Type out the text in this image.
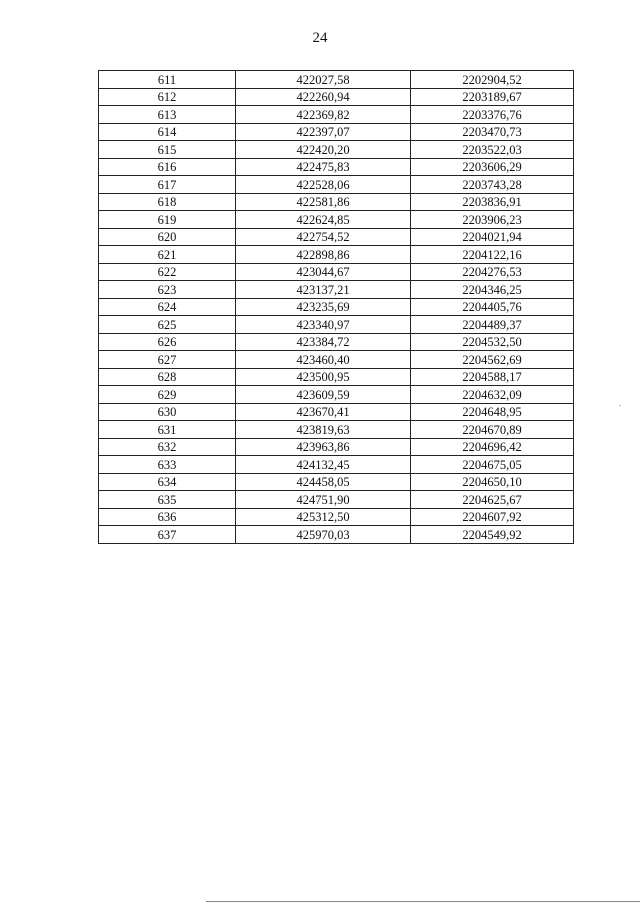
24
611	422027,58	2202904,52
612	422260,94	2203189,67
613	422369,82	2203376,76
614	422397,07	2203470,73
615	422420,20	2203522,03
616	422475,83	2203606,29
617	422528,06	2203743,28
618	422581,86	2203836,91
619	422624,85	2203906,23
620	422754,52	2204021,94
621	422898,86	2204122,16
622	423044,67	2204276,53
623	423137,21	2204346,25
624	423235,69	2204405,76
625	423340,97	2204489,37
626	423384,72	2204532,50
627	423460,40	2204562,69
628	423500,95	2204588,17
629	423609,59	2204632,09
630	423670,41	2204648,95
631	423819,63	2204670,89
632	423963,86	2204696,42
633	424132,45	2204675,05
634	424458,05	2204650,10
635	424751,90	2204625,67
636	425312,50	2204607,92
637	425970,03	2204549,92
